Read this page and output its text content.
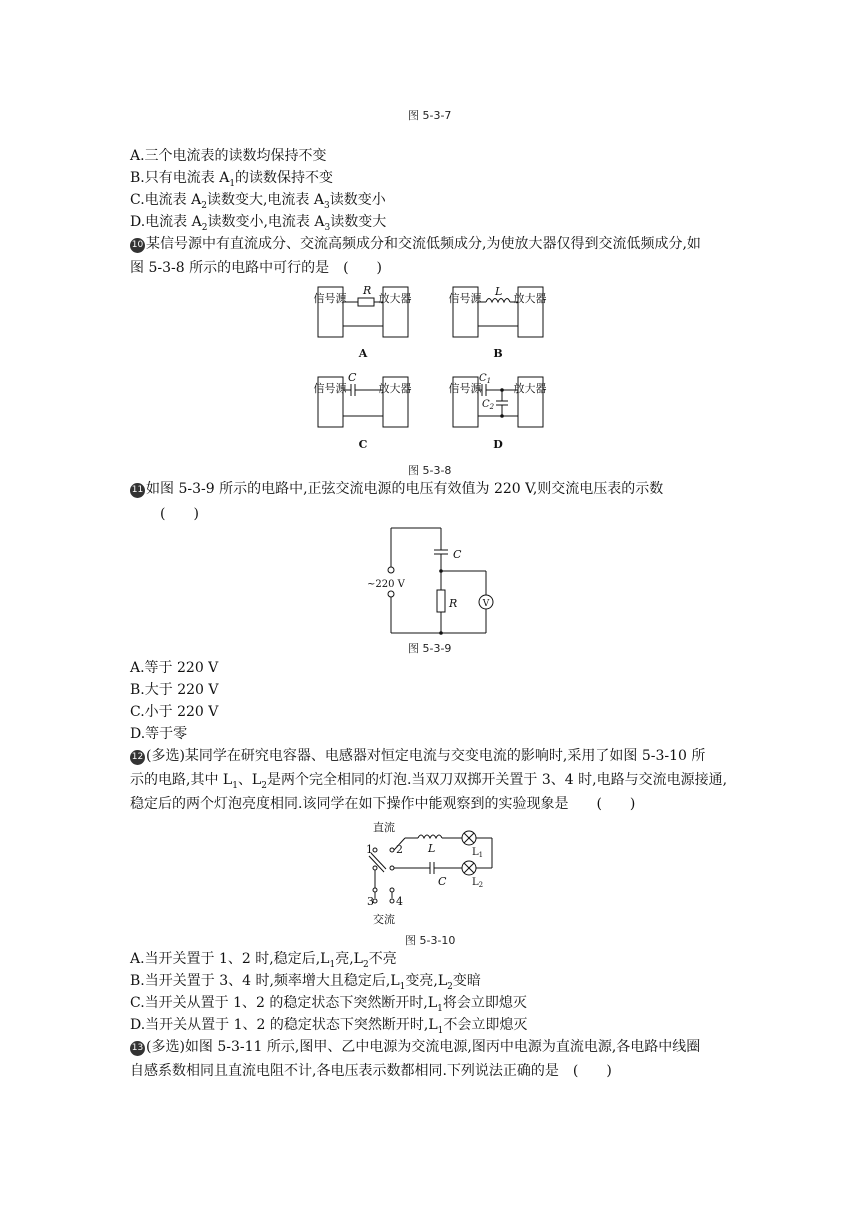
图 5-3-7
A.三个电流表的读数均保持不变
B.只有电流表 $A_1$的读数保持不变
C.电流表 $A_2$读数变大,电流表 $A_3$读数变小
D.电流表 $A_2$读数变小,电流表 $A_3$读数变大
10 某信号源中有直流成分、交流高频成分和交流低频成分,为使放大器仅得到交流低频成分,如
图 5-3-8 所示的电路中可行的是　(　　)
信号源	放大器	信号源	放大器
信号源	放大器	信号源	放大器
R	L
C	$C_1$
$C_2$
A	B
C	D
图 5-3-8
11 如图 5-3-9 所示的电路中,正弦交流电源的电压有效值为 220 V,则交流电压表的示数
(　　)
~220 V
C
R	V
图 5-3-9
A.等于 220 V
B.大于 220 V
C.小于 220 V
D.等于零
12 (多选)某同学在研究电容器、电感器对恒定电流与交变电流的影响时,采用了如图 5-3-10 所
示的电路,其中 $L_1$、$L_2$是两个完全相同的灯泡.当双刀双掷开关置于 3、4 时,电路与交流电源接通,
稳定后的两个灯泡亮度相同.该同学在如下操作中能观察到的实验现象是　　(　　)
直流
1 2
3 4
交流
L
C
$L_1$
$L_2$
图 5-3-10
A.当开关置于 1、2 时,稳定后$,L_1$亮$,L_2$不亮
B.当开关置于 3、4 时,频率增大且稳定后$,L_1$变亮$,L_2$变暗
C.当开关从置于 1、2 的稳定状态下突然断开时$,L_1$将会立即熄灭
D.当开关从置于 1、2 的稳定状态下突然断开时$,L_1$不会立即熄灭
13 (多选)如图 5-3-11 所示,图甲、乙中电源为交流电源,图丙中电源为直流电源,各电路中线圈
自感系数相同且直流电阻不计,各电压表示数都相同.下列说法正确的是　(　　)
